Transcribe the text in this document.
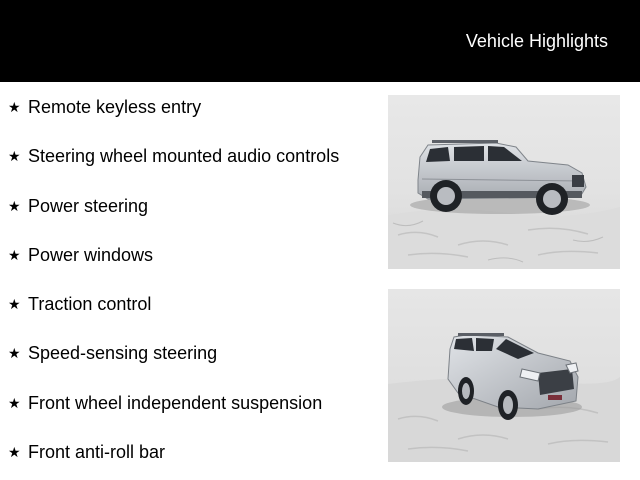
Vehicle Highlights
★ Remote keyless entry
★ Steering wheel mounted audio controls
★ Power steering
★ Power windows
★ Traction control
★ Speed-sensing steering
★ Front wheel independent suspension
★ Front anti-roll bar
